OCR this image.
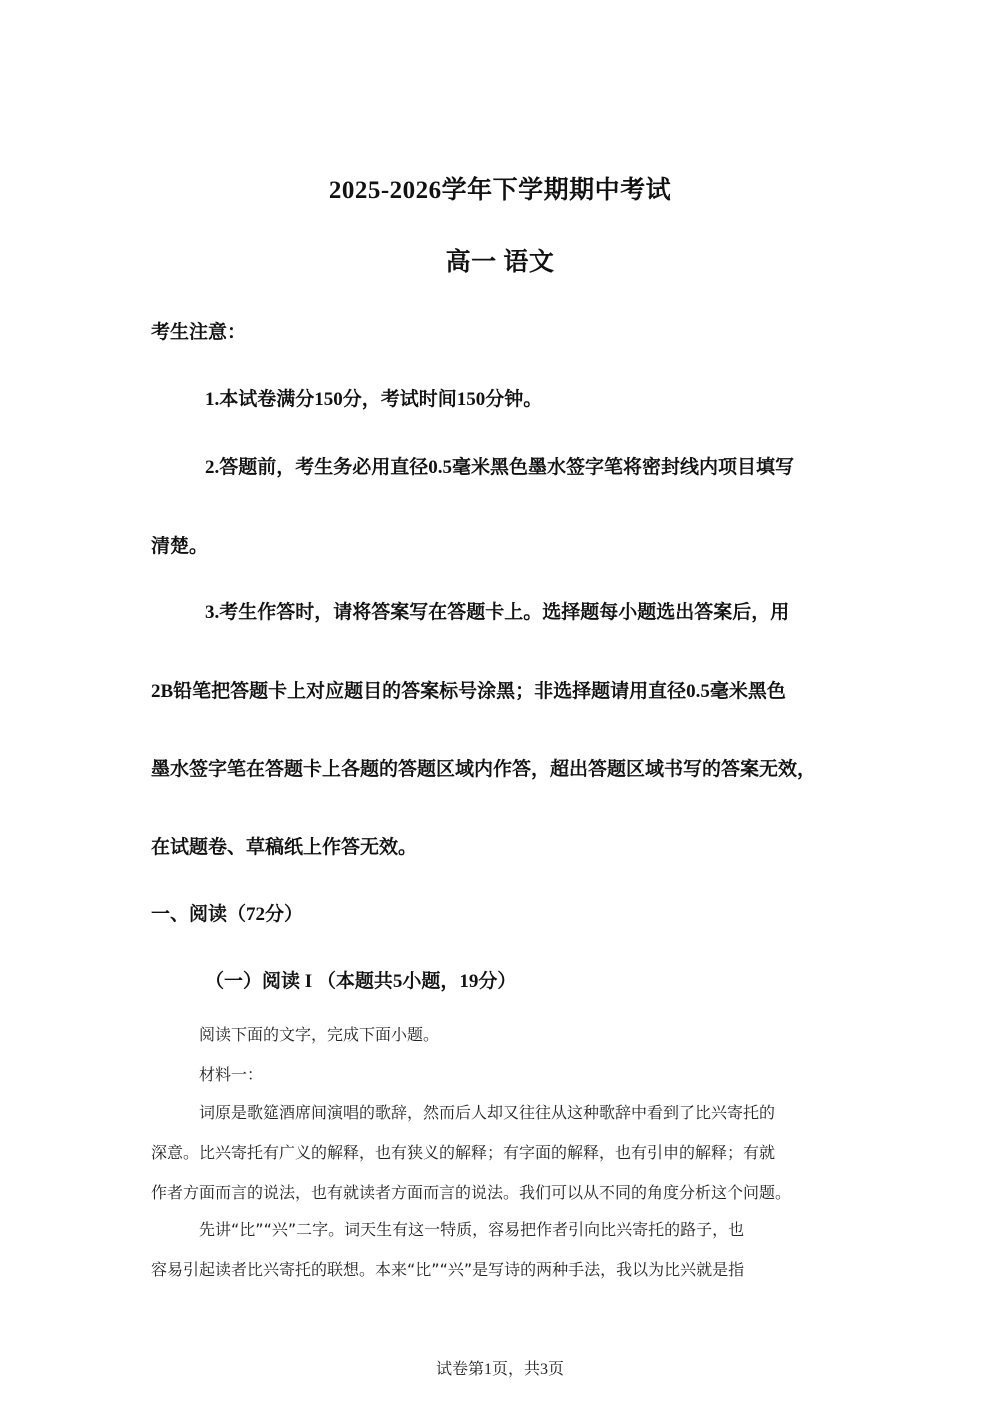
2025-2026学年下学期期中考试
高一 语文
考生注意：
1.本试卷满分150分，考试时间150分钟。
2.答题前，考生务必用直径0.5毫米黑色墨水签字笔将密封线内项目填写
清楚。
3.考生作答时，请将答案写在答题卡上。选择题每小题选出答案后，用
2B铅笔把答题卡上对应题目的答案标号涂黑；非选择题请用直径0.5毫米黑色
墨水签字笔在答题卡上各题的答题区域内作答，超出答题区域书写的答案无效，
在试题卷、草稿纸上作答无效。
一、阅读（72分）
（一）阅读 I （本题共5小题，19分）
阅读下面的文字，完成下面小题。
材料一：
词原是歌筵酒席间演唱的歌辞，然而后人却又往往从这种歌辞中看到了比兴寄托的
深意。比兴寄托有广义的解释，也有狭义的解释；有字面的解释，也有引申的解释；有就
作者方面而言的说法，也有就读者方面而言的说法。我们可以从不同的角度分析这个问题。
先讲“比”“兴”二字。词天生有这一特质，容易把作者引向比兴寄托的路子，也
容易引起读者比兴寄托的联想。本来“比”“兴”是写诗的两种手法，我以为比兴就是指
试卷第1页，共3页
